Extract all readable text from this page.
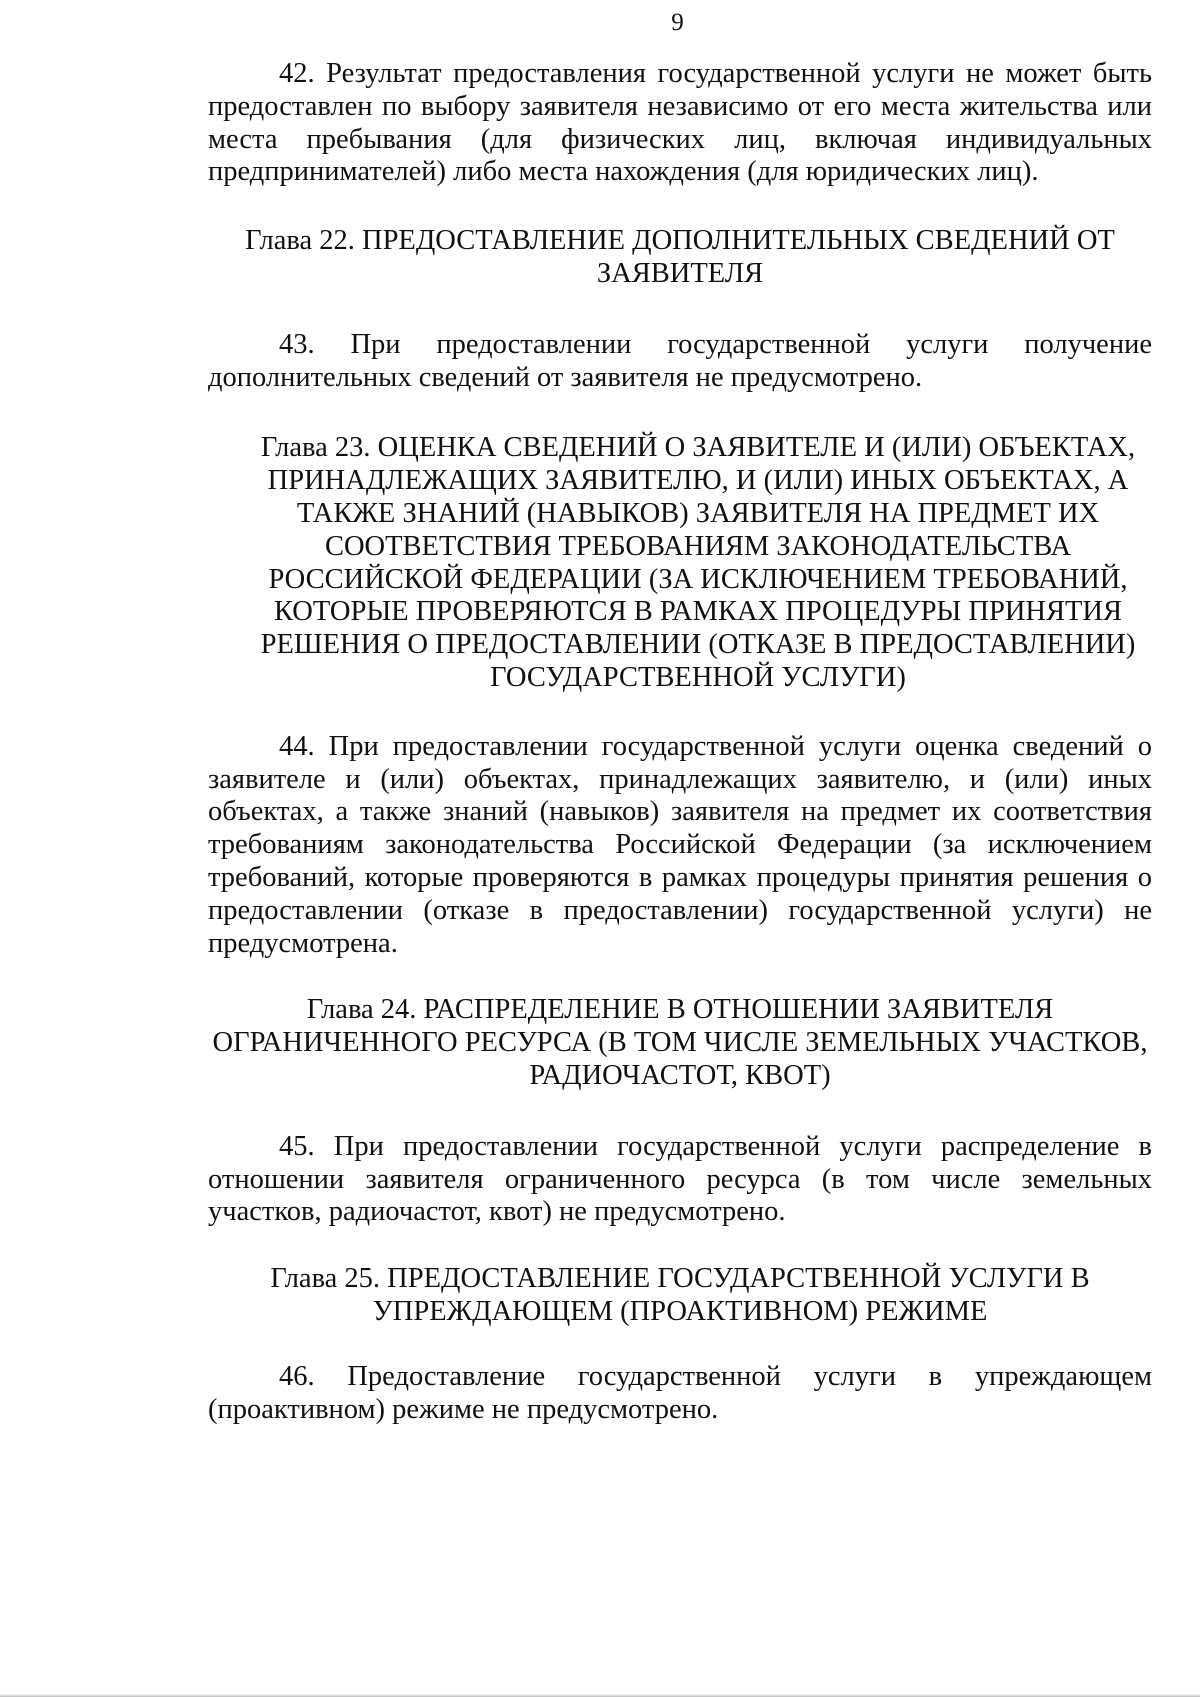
9

42. Результат предоставления государственной услуги не может быть предоставлен по выбору заявителя независимо от его места жительства или места пребывания (для физических лиц, включая индивидуальных предпринимателей) либо места нахождения (для юридических лиц).

Глава 22. ПРЕДОСТАВЛЕНИЕ ДОПОЛНИТЕЛЬНЫХ СВЕДЕНИЙ ОТ
ЗАЯВИТЕЛЯ

43. При предоставлении государственной услуги получение дополнительных сведений от заявителя не предусмотрено.

Глава 23. ОЦЕНКА СВЕДЕНИЙ О ЗАЯВИТЕЛЕ И (ИЛИ) ОБЪЕКТАХ,
ПРИНАДЛЕЖАЩИХ ЗАЯВИТЕЛЮ, И (ИЛИ) ИНЫХ ОБЪЕКТАХ, А
ТАКЖЕ ЗНАНИЙ (НАВЫКОВ) ЗАЯВИТЕЛЯ НА ПРЕДМЕТ ИХ
СООТВЕТСТВИЯ ТРЕБОВАНИЯМ ЗАКОНОДАТЕЛЬСТВА
РОССИЙСКОЙ ФЕДЕРАЦИИ (ЗА ИСКЛЮЧЕНИЕМ ТРЕБОВАНИЙ,
КОТОРЫЕ ПРОВЕРЯЮТСЯ В РАМКАХ ПРОЦЕДУРЫ ПРИНЯТИЯ
РЕШЕНИЯ О ПРЕДОСТАВЛЕНИИ (ОТКАЗЕ В ПРЕДОСТАВЛЕНИИ)
ГОСУДАРСТВЕННОЙ УСЛУГИ)

44. При предоставлении государственной услуги оценка сведений о заявителе и (или) объектах, принадлежащих заявителю, и (или) иных объектах, а также знаний (навыков) заявителя на предмет их соответствия требованиям законодательства Российской Федерации (за исключением требований, которые проверяются в рамках процедуры принятия решения о предоставлении (отказе в предоставлении) государственной услуги) не предусмотрена.

Глава 24. РАСПРЕДЕЛЕНИЕ В ОТНОШЕНИИ ЗАЯВИТЕЛЯ
ОГРАНИЧЕННОГО РЕСУРСА (В ТОМ ЧИСЛЕ ЗЕМЕЛЬНЫХ УЧАСТКОВ,
РАДИОЧАСТОТ, КВОТ)

45. При предоставлении государственной услуги распределение в отношении заявителя ограниченного ресурса (в том числе земельных участков, радиочастот, квот) не предусмотрено.

Глава 25. ПРЕДОСТАВЛЕНИЕ ГОСУДАРСТВЕННОЙ УСЛУГИ В
УПРЕЖДАЮЩЕМ (ПРОАКТИВНОМ) РЕЖИМЕ

46. Предоставление государственной услуги в упреждающем (проактивном) режиме не предусмотрено.
